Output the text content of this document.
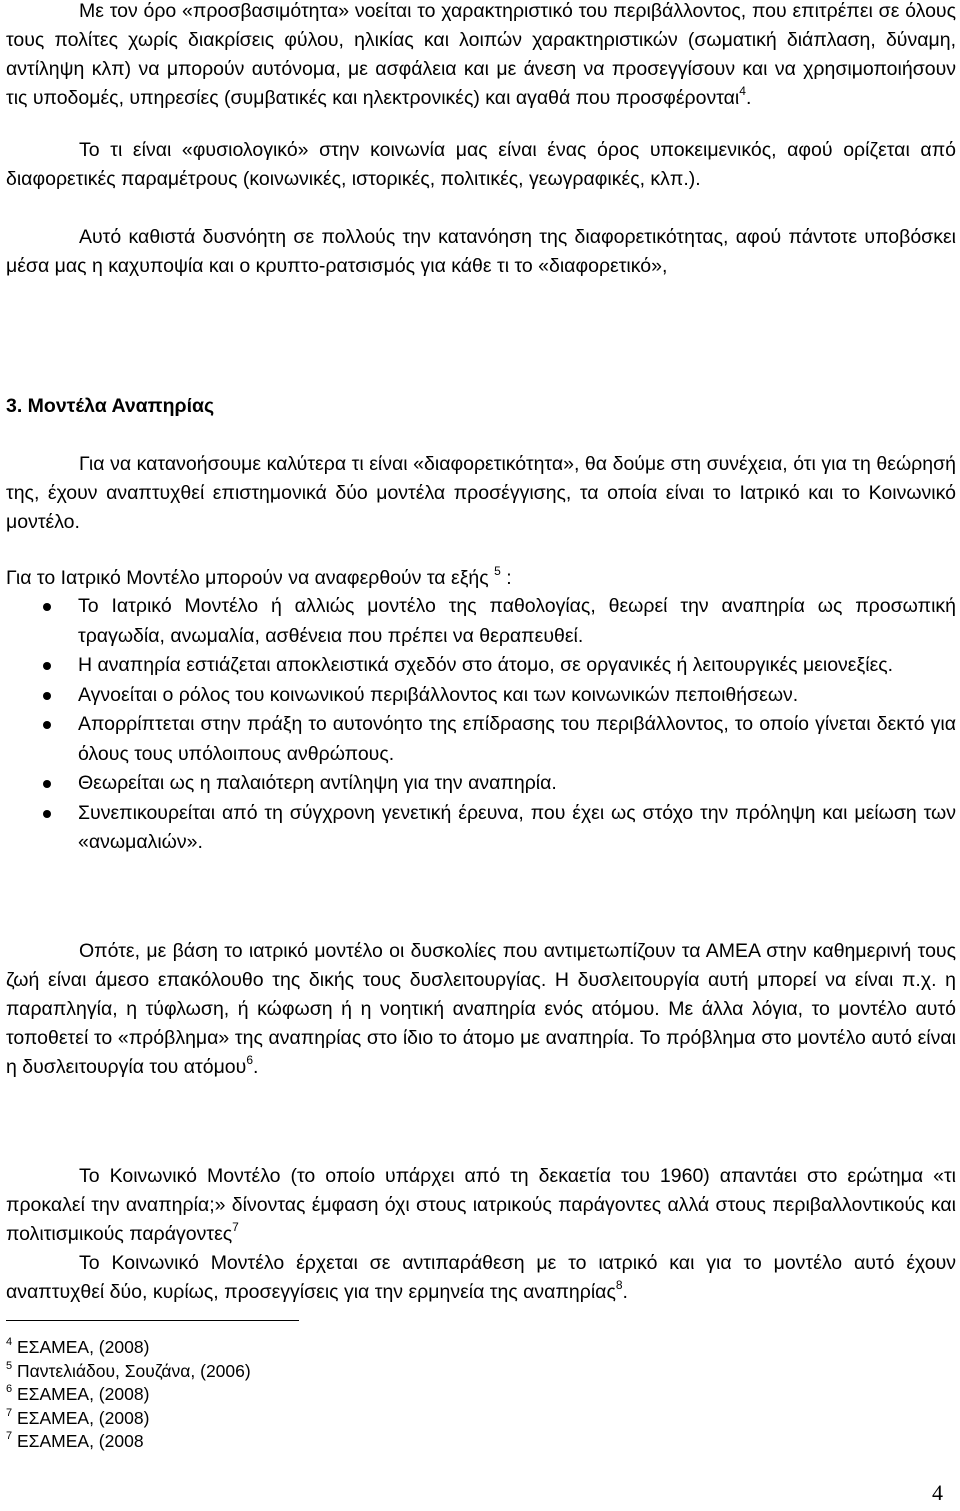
Με τον όρο «προσβασιμότητα» νοείται το χαρακτηριστικό του περιβάλλοντος, που επιτρέπει σε όλους τους πολίτες χωρίς διακρίσεις φύλου, ηλικίας και λοιπών χαρακτηριστικών (σωματική διάπλαση, δύναμη, αντίληψη κλπ) να μπορούν αυτόνομα, με ασφάλεια και με άνεση να προσεγγίσουν και να χρησιμοποιήσουν τις υποδομές, υπηρεσίες (συμβατικές και ηλεκτρονικές) και αγαθά που προσφέρονται$^4$.

Το τι είναι «φυσιολογικό» στην κοινωνία μας είναι ένας όρος υποκειμενικός, αφού ορίζεται από διαφορετικές παραμέτρους (κοινωνικές, ιστορικές, πολιτικές, γεωγραφικές, κλπ.).

Αυτό καθιστά δυσνόητη σε πολλούς την κατανόηση της διαφορετικότητας, αφού πάντοτε υποβόσκει μέσα μας η καχυποψία και ο κρυπτο-ρατσισμός για κάθε τι το «διαφορετικό»,

3. Μοντέλα Αναπηρίας

Για να κατανοήσουμε καλύτερα τι είναι «διαφορετικότητα», θα δούμε στη συνέχεια, ότι για τη θεώρησή της, έχουν αναπτυχθεί επιστημονικά δύο μοντέλα προσέγγισης, τα οποία είναι το Ιατρικό και το Κοινωνικό μοντέλο.

Για το Ιατρικό Μοντέλο μπορούν να αναφερθούν τα εξής $^5$ :

Το Ιατρικό Μοντέλο ή αλλιώς μοντέλο της παθολογίας, θεωρεί την αναπηρία ως προσωπική τραγωδία, ανωμαλία, ασθένεια που πρέπει να θεραπευθεί.
Η αναπηρία εστιάζεται αποκλειστικά σχεδόν στο άτομο, σε οργανικές ή λειτουργικές μειονεξίες.
Αγνοείται ο ρόλος του κοινωνικού περιβάλλοντος και των κοινωνικών πεποιθήσεων.
Απορρίπτεται στην πράξη το αυτονόητο της επίδρασης του περιβάλλοντος, το οποίο γίνεται δεκτό για όλους τους υπόλοιπους ανθρώπους.
Θεωρείται ως η παλαιότερη αντίληψη για την αναπηρία.
Συνεπικουρείται από τη σύγχρονη γενετική έρευνα, που έχει ως στόχο την πρόληψη και μείωση των «ανωμαλιών».

Οπότε, με βάση το ιατρικό μοντέλο οι δυσκολίες που αντιμετωπίζουν τα ΑΜΕΑ στην καθημερινή τους ζωή είναι άμεσο επακόλουθο της δικής τους δυσλειτουργίας. Η δυσλειτουργία αυτή μπορεί να είναι π.χ. η παραπληγία, η τύφλωση, ή κώφωση ή η νοητική αναπηρία ενός ατόμου. Με άλλα λόγια, το μοντέλο αυτό τοποθετεί το «πρόβλημα» της αναπηρίας στο ίδιο το άτομο με αναπηρία. Το πρόβλημα στο μοντέλο αυτό είναι η δυσλειτουργία του ατόμου$^6$.

Το Κοινωνικό Μοντέλο (το οποίο υπάρχει από τη δεκαετία του 1960) απαντάει στο ερώτημα «τι προκαλεί την αναπηρία;» δίνοντας έμφαση όχι στους ιατρικούς παράγοντες αλλά στους περιβαλλοντικούς και πολιτισμικούς παράγοντες$^7$

Το Κοινωνικό Μοντέλο έρχεται σε αντιπαράθεση με το ιατρικό και για το μοντέλο αυτό έχουν αναπτυχθεί δύο, κυρίως, προσεγγίσεις για την ερμηνεία της αναπηρίας$^8$.

$^4$ ΕΣΑΜΕΑ, (2008)
$^5$ Παντελιάδου, Σουζάνα, (2006)
$^6$ ΕΣΑΜΕΑ, (2008)
$^7$ ΕΣΑΜΕΑ, (2008)
$^7$ ΕΣΑΜΕΑ, (2008
4
